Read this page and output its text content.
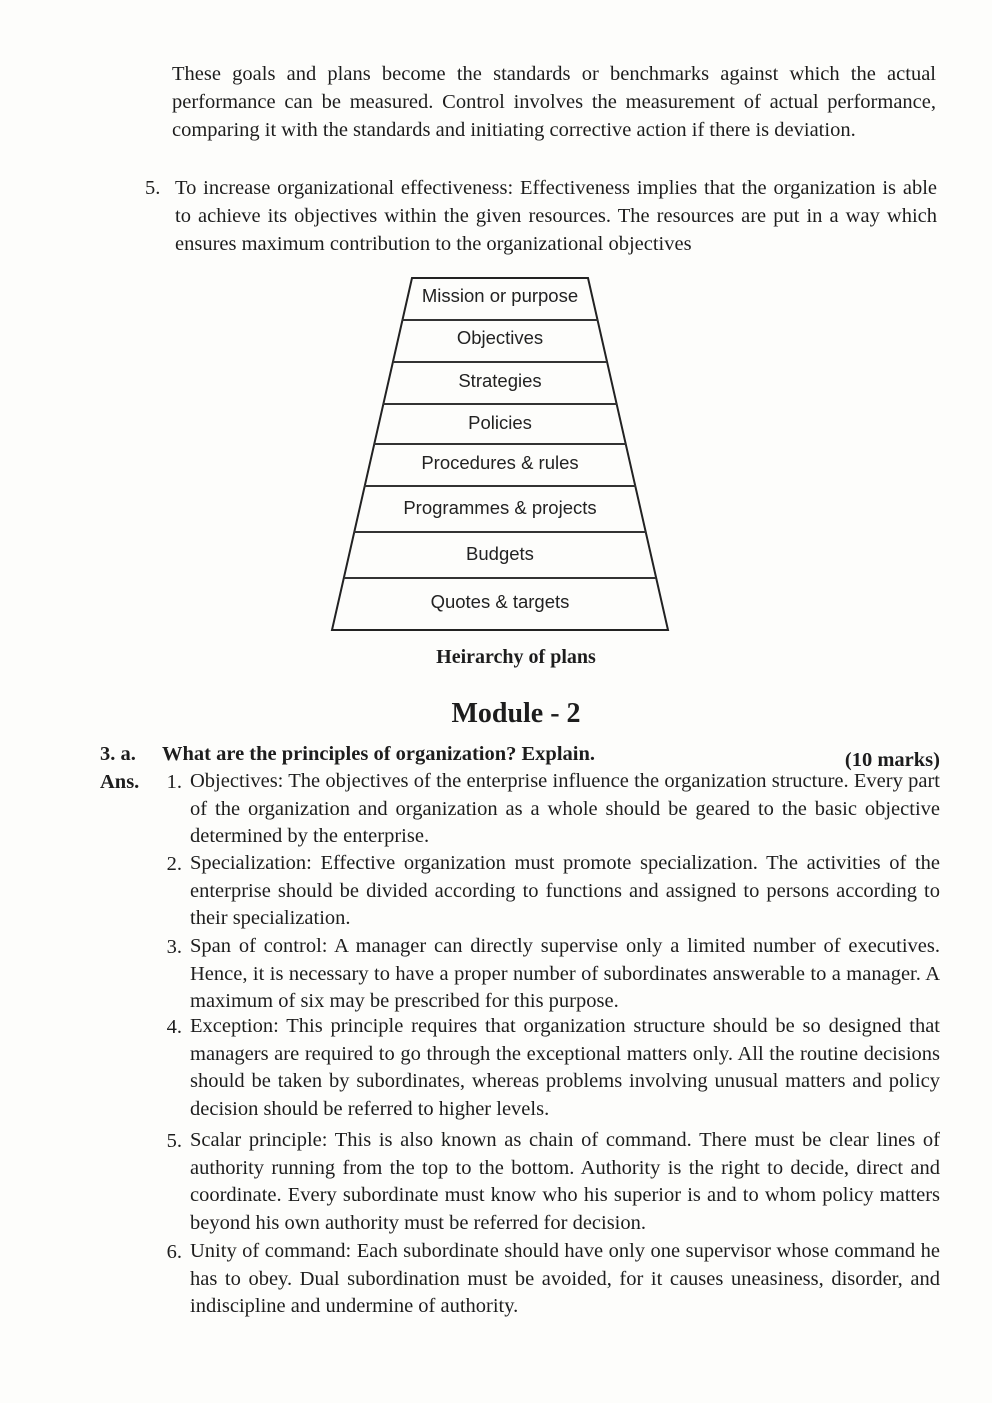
These goals and plans become the standards or benchmarks against which the actual performance can be measured. Control involves the measurement of actual performance, comparing it with the standards and initiating corrective action if there is deviation.
5. To increase organizational effectiveness: Effectiveness implies that the organization is able to achieve its objectives within the given resources. The resources are put in a way which ensures maximum contribution to the organizational objectives
Mission or purpose
Objectives
Strategies
Policies
Procedures & rules
Programmes & projects
Budgets
Quotes & targets
Heirarchy of plans
Module - 2
3. a. What are the principles of organization? Explain.	(10 marks)
Ans.	1. Objectives: The objectives of the enterprise influence the organization structure. Every part of the organization and organization as a whole should be geared to the basic objective determined by the enterprise.
2. Specialization: Effective organization must promote specialization. The activities of the enterprise should be divided according to functions and assigned to persons according to their specialization.
3. Span of control: A manager can directly supervise only a limited number of executives. Hence, it is necessary to have a proper number of subordinates answerable to a manager. A maximum of six may be prescribed for this purpose.
4. Exception: This principle requires that organization structure should be so designed that managers are required to go through the exceptional matters only. All the routine decisions should be taken by subordinates, whereas problems involving unusual matters and policy decision should be referred to higher levels.
5. Scalar principle: This is also known as chain of command. There must be clear lines of authority running from the top to the bottom. Authority is the right to decide, direct and coordinate. Every subordinate must know who his superior is and to whom policy matters beyond his own authority must be referred for decision.
6. Unity of command: Each subordinate should have only one supervisor whose command he has to obey. Dual subordination must be avoided, for it causes uneasiness, disorder, and indiscipline and undermine of authority.
